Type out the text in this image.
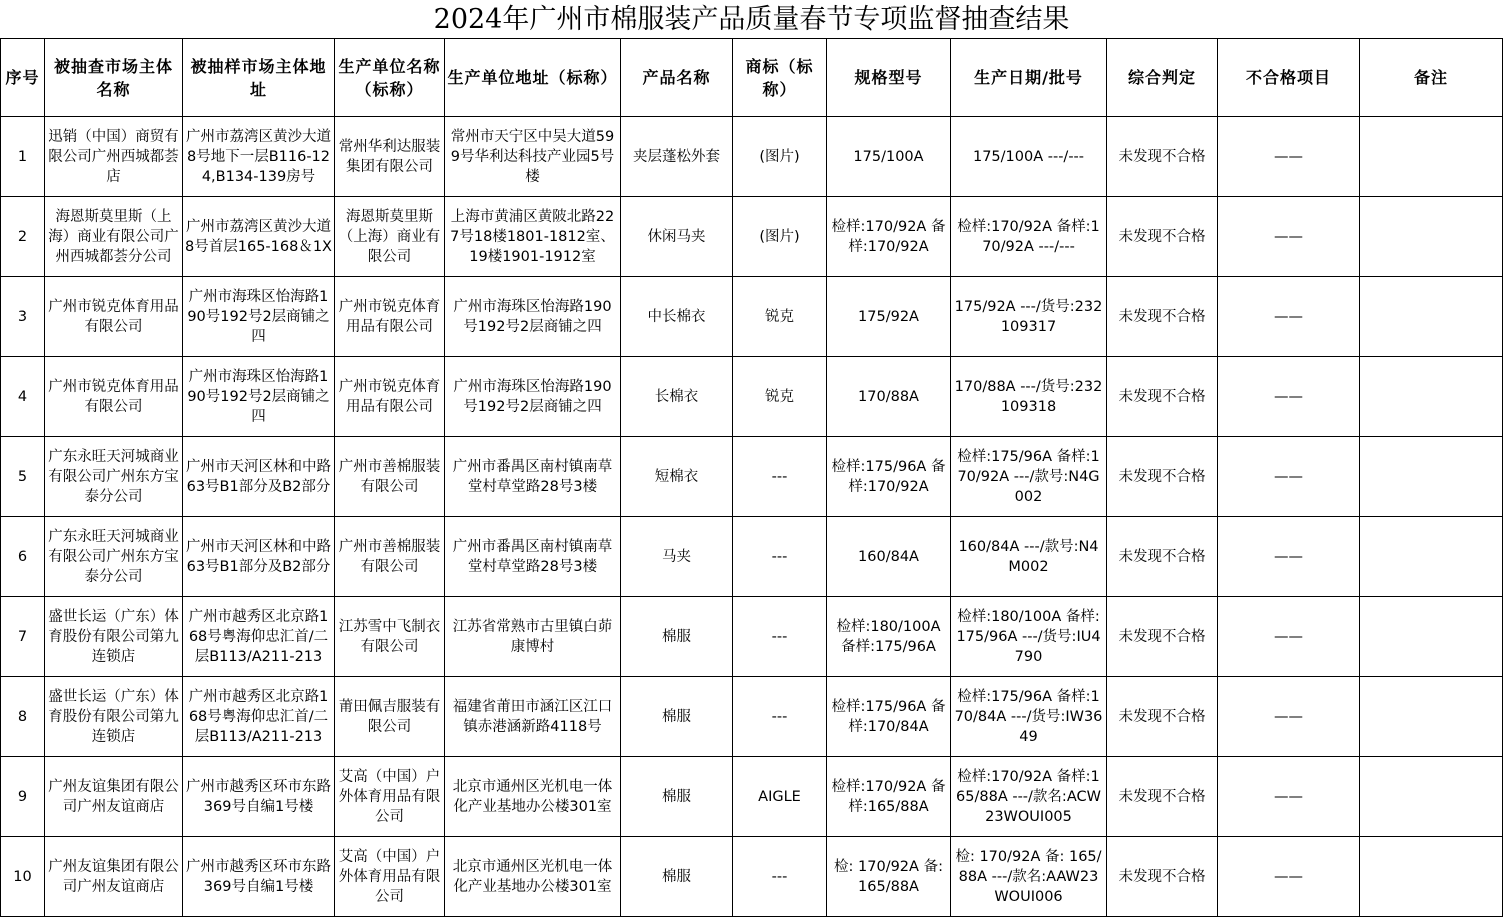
2024年广州市棉服装产品质量春节专项监督抽查结果
序号	被抽查市场主体名称	被抽样市场主体地址	生产单位名称（标称）	生产单位地址（标称）	产品名称	商标（标称）	规格型号	生产日期/批号	综合判定	不合格项目	备注
1	迅销（中国）商贸有限公司广州西城都荟店	广州市荔湾区黄沙大道8号地下一层B116-124,B134-139房号	常州华利达服装集团有限公司	常州市天宁区中吴大道599号华利达科技产业园5号楼	夹层蓬松外套	(图片)	175/100A	175/100A ---/---	未发现不合格	——	
2	海恩斯莫里斯（上海）商业有限公司广州西城都荟分公司	广州市荔湾区黄沙大道8号首层165-168＆1X	海恩斯莫里斯（上海）商业有限公司	上海市黄浦区黄陂北路227号18楼1801-1812室、19楼1901-1912室	休闲马夹	(图片)	检样:170/92A 备样:170/92A	检样:170/92A 备样:170/92A ---/---	未发现不合格	——	
3	广州市锐克体育用品有限公司	广州市海珠区怡海路190号192号2层商铺之四	广州市锐克体育用品有限公司	广州市海珠区怡海路190号192号2层商铺之四	中长棉衣	锐克	175/92A	175/92A ---/货号:232109317	未发现不合格	——	
4	广州市锐克体育用品有限公司	广州市海珠区怡海路190号192号2层商铺之四	广州市锐克体育用品有限公司	广州市海珠区怡海路190号192号2层商铺之四	长棉衣	锐克	170/88A	170/88A ---/货号:232109318	未发现不合格	——	
5	广东永旺天河城商业有限公司广州东方宝泰分公司	广州市天河区林和中路63号B1部分及B2部分	广州市善棉服装有限公司	广州市番禺区南村镇南草堂村草堂路28号3楼	短棉衣	---	检样:175/96A 备样:170/92A	检样:175/96A 备样:170/92A ---/款号:N4G002	未发现不合格	——	
6	广东永旺天河城商业有限公司广州东方宝泰分公司	广州市天河区林和中路63号B1部分及B2部分	广州市善棉服装有限公司	广州市番禺区南村镇南草堂村草堂路28号3楼	马夹	---	160/84A	160/84A ---/款号:N4M002	未发现不合格	——	
7	盛世长运（广东）体育股份有限公司第九连锁店	广州市越秀区北京路168号粤海仰忠汇首/二层B113/A211-213	江苏雪中飞制衣有限公司	江苏省常熟市古里镇白茆康博村	棉服	---	检样:180/100A 备样:175/96A	检样:180/100A 备样:175/96A ---/货号:IU4790	未发现不合格	——	
8	盛世长运（广东）体育股份有限公司第九连锁店	广州市越秀区北京路168号粤海仰忠汇首/二层B113/A211-213	莆田佩吉服装有限公司	福建省莆田市涵江区江口镇赤港涵新路4118号	棉服	---	检样:175/96A 备样:170/84A	检样:175/96A 备样:170/84A ---/货号:IW3649	未发现不合格	——	
9	广州友谊集团有限公司广州友谊商店	广州市越秀区环市东路369号自编1号楼	艾高（中国）户外体育用品有限公司	北京市通州区光机电一体化产业基地办公楼301室	棉服	AIGLE	检样:170/92A 备样:165/88A	检样:170/92A 备样:165/88A ---/款名:ACW23WOUI005	未发现不合格	——	
10	广州友谊集团有限公司广州友谊商店	广州市越秀区环市东路369号自编1号楼	艾高（中国）户外体育用品有限公司	北京市通州区光机电一体化产业基地办公楼301室	棉服	---	检: 170/92A 备: 165/88A	检: 170/92A 备: 165/88A ---/款名:AAW23WOUI006	未发现不合格	——	
